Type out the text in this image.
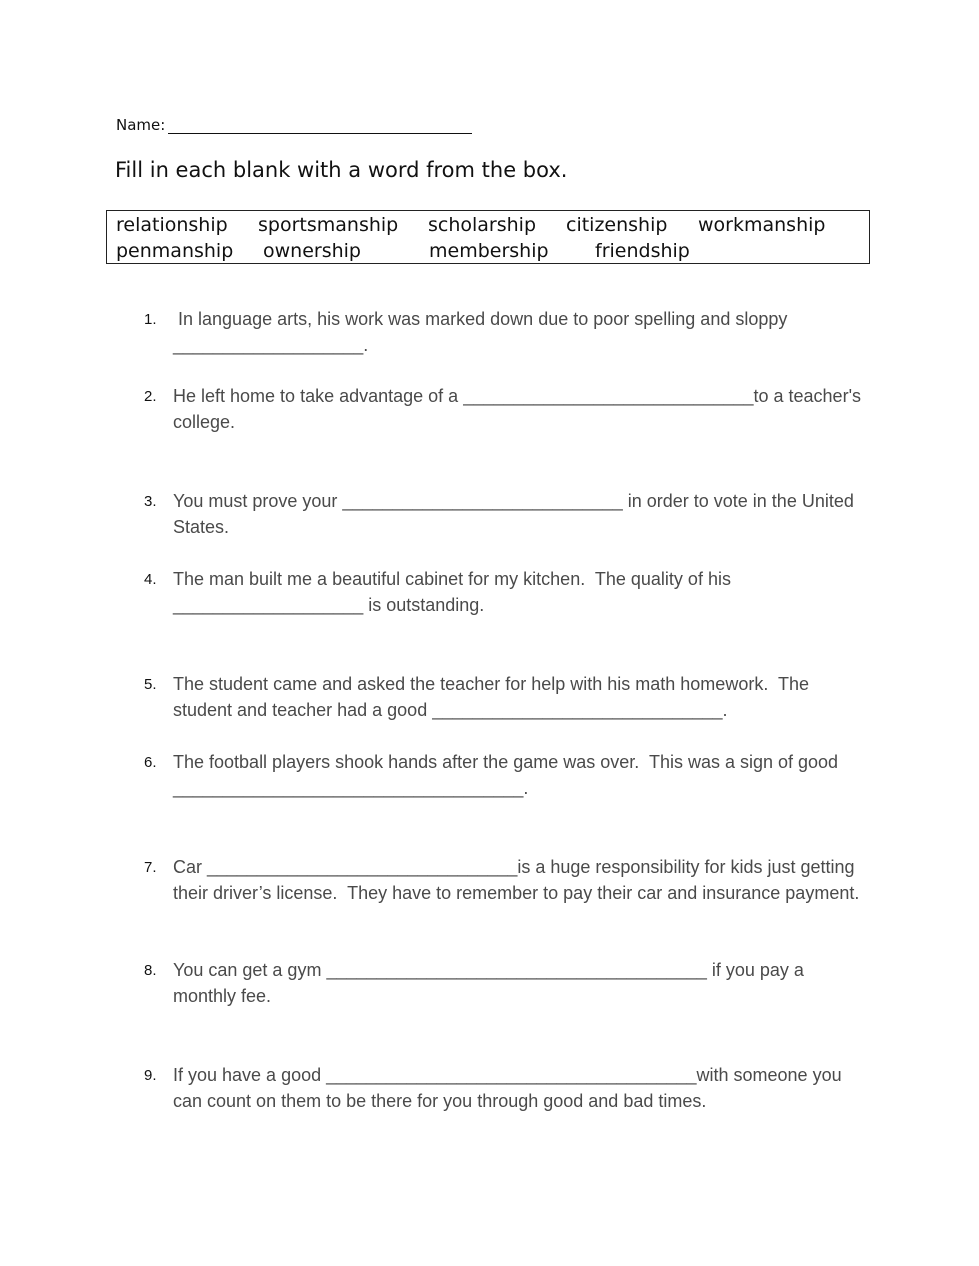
Name:
Fill in each blank with a word from the box.
relationship sportsmanship scholarship citizenship workmanship
penmanship ownership	membership friendship
1. In language arts, his work was marked down due to poor spelling and sloppy ___________________.
2. He left home to take advantage of a _____________________________to a teacher's college.
3. You must prove your ____________________________ in order to vote in the United States.
4. The man built me a beautiful cabinet for my kitchen.  The quality of his ___________________ is outstanding.
5. The student came and asked the teacher for help with his math homework.  The student and teacher had a good _____________________________.
6. The football players shook hands after the game was over.  This was a sign of good ___________________________________.
7. Car _______________________________is a huge responsibility for kids just getting their driver’s license.  They have to remember to pay their car and insurance payment.
8. You can get a gym ______________________________________ if you pay a monthly fee.
9. If you have a good _____________________________________with someone you can count on them to be there for you through good and bad times.
